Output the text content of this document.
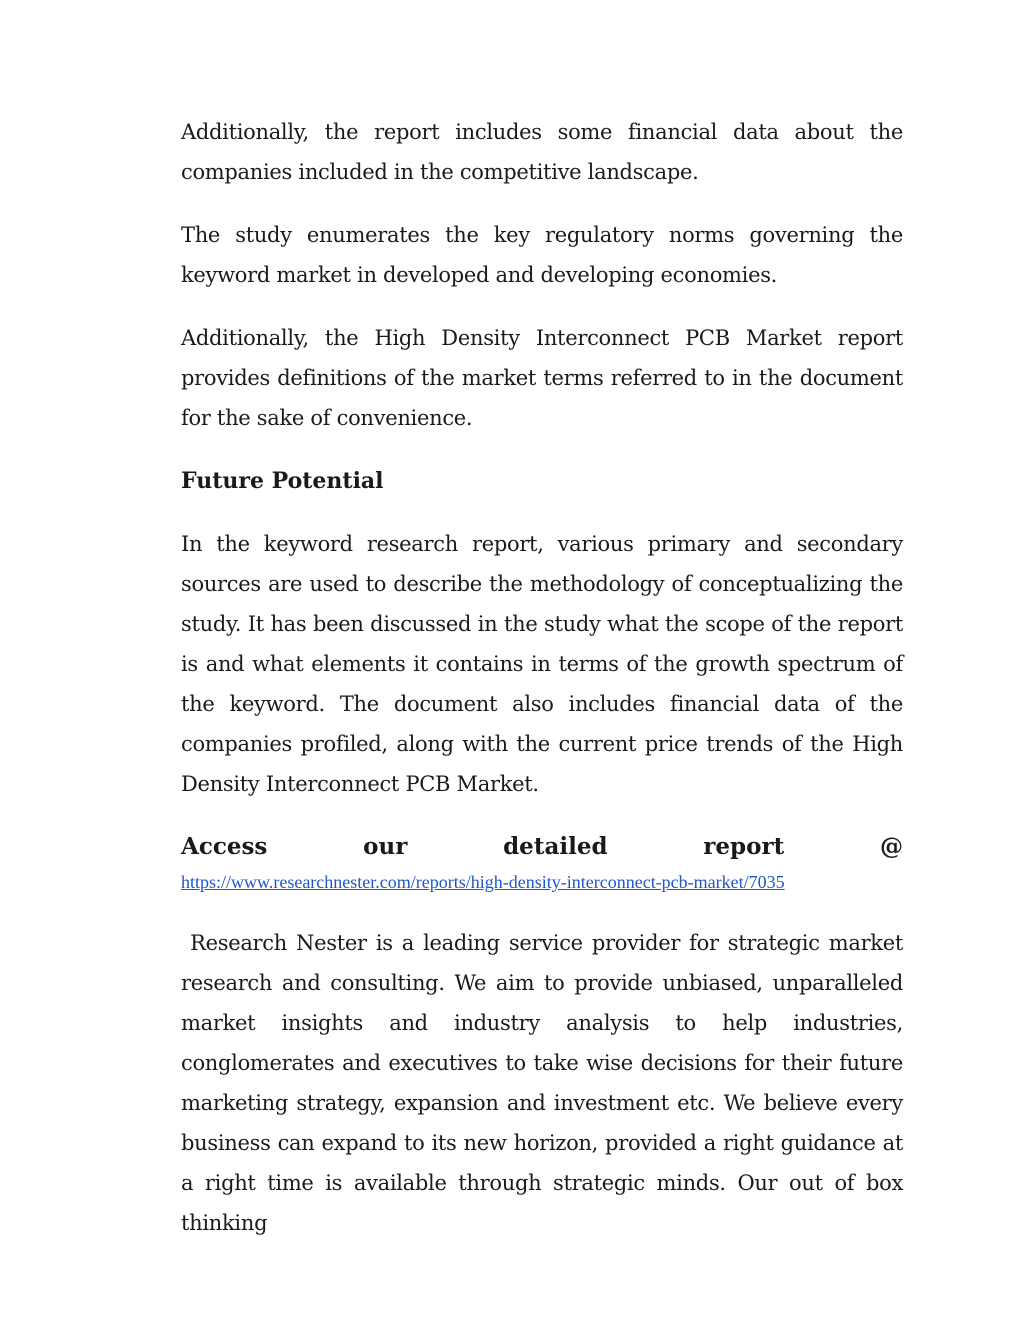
Additionally, the report includes some financial data about the companies included in the competitive landscape.

The study enumerates the key regulatory norms governing the keyword market in developed and developing economies.

Additionally, the High Density Interconnect PCB Market report provides definitions of the market terms referred to in the document for the sake of convenience.

Future Potential

In the keyword research report, various primary and secondary sources are used to describe the methodology of conceptualizing the study. It has been discussed in the study what the scope of the report is and what elements it contains in terms of the growth spectrum of the keyword. The document also includes financial data of the companies profiled, along with the current price trends of the High Density Interconnect PCB Market.

Access our detailed report @

https://www.researchnester.com/reports/high-density-interconnect-pcb-market/7035

Research Nester is a leading service provider for strategic market research and consulting. We aim to provide unbiased, unparalleled market insights and industry analysis to help industries, conglomerates and executives to take wise decisions for their future marketing strategy, expansion and investment etc. We believe every business can expand to its new horizon, provided a right guidance at a right time is available through strategic minds. Our out of box thinking
